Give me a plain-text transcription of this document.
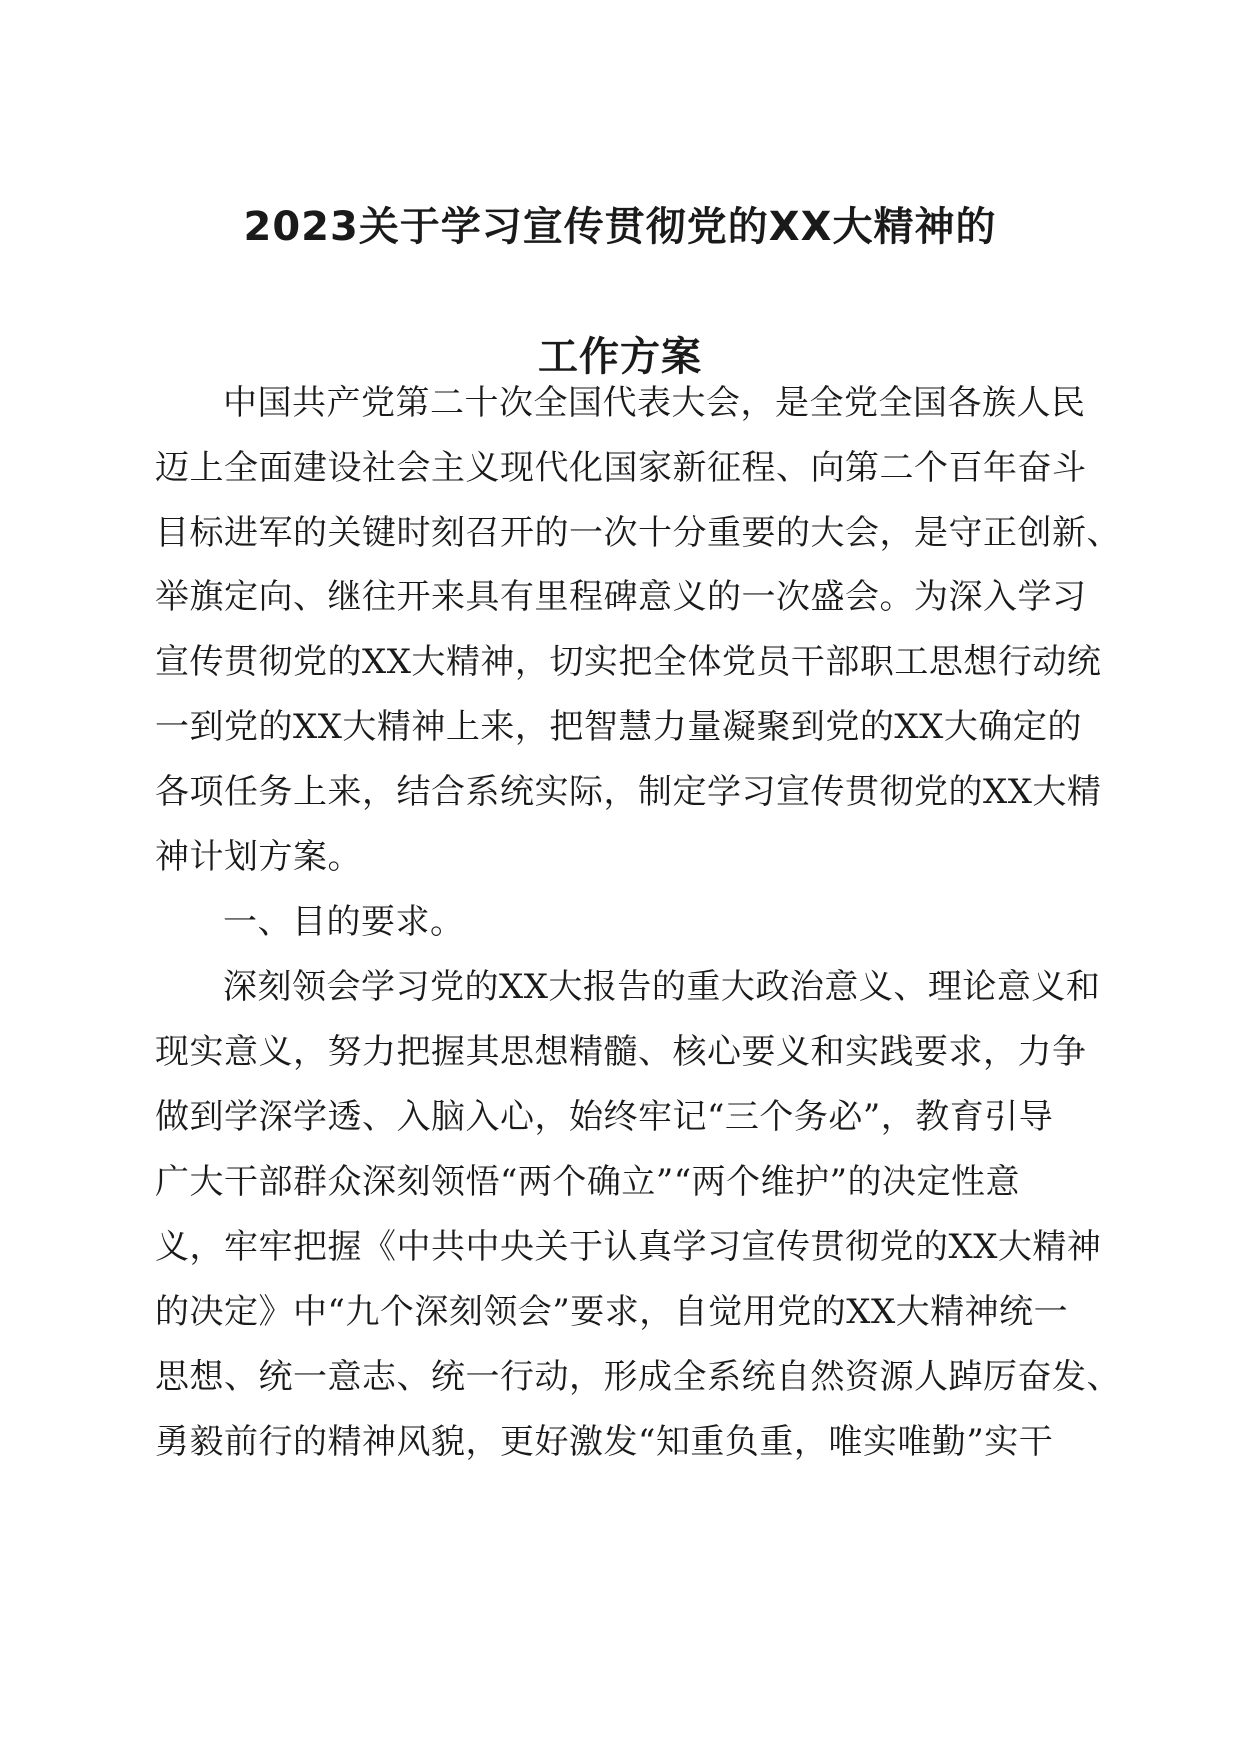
2023关于学习宣传贯彻党的XX大精神的
工作方案

中国共产党第二十次全国代表大会，是全党全国各族人民

迈上全面建设社会主义现代化国家新征程、向第二个百年奋斗

目标进军的关键时刻召开的一次十分重要的大会，是守正创新、

举旗定向、继往开来具有里程碑意义的一次盛会。为深入学习

宣传贯彻党的XX大精神，切实把全体党员干部职工思想行动统

一到党的XX大精神上来，把智慧力量凝聚到党的XX大确定的

各项任务上来，结合系统实际，制定学习宣传贯彻党的XX大精

神计划方案。

一、目的要求。

深刻领会学习党的XX大报告的重大政治意义、理论意义和

现实意义，努力把握其思想精髓、核心要义和实践要求，力争

做到学深学透、入脑入心，始终牢记“三个务必”，教育引导

广大干部群众深刻领悟“两个确立”“两个维护”的决定性意

义，牢牢把握《中共中央关于认真学习宣传贯彻党的XX大精神

的决定》中“九个深刻领会”要求，自觉用党的XX大精神统一

思想、统一意志、统一行动，形成全系统自然资源人踔厉奋发、

勇毅前行的精神风貌，更好激发“知重负重，唯实唯勤”实干
